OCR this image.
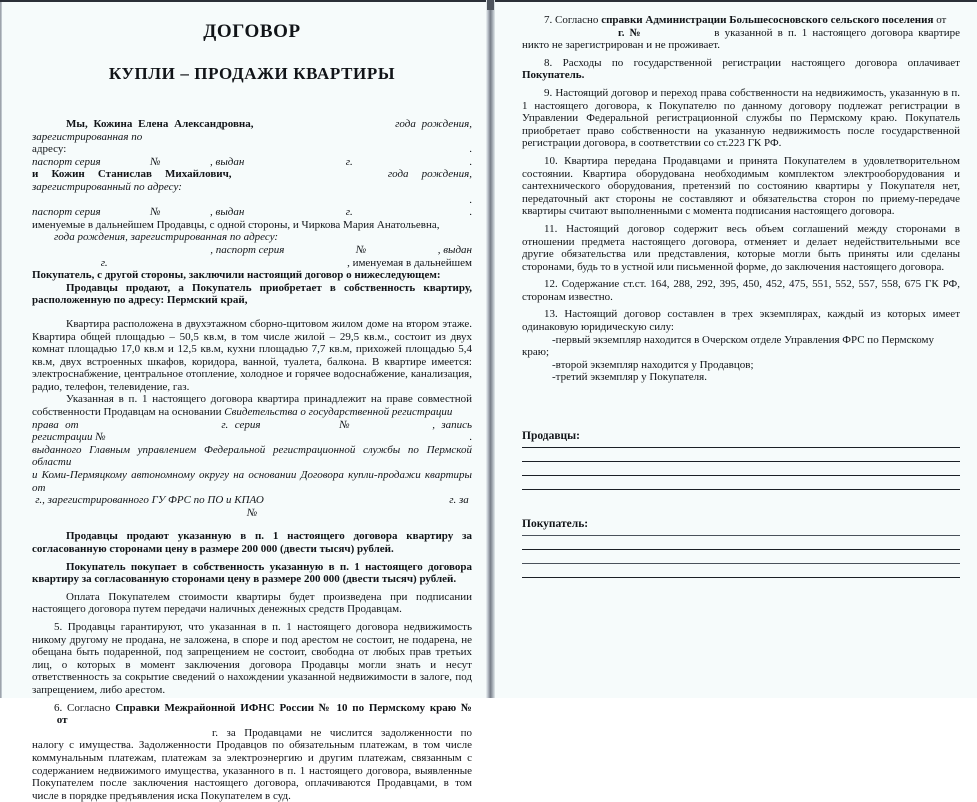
ДОГОВОР
КУПЛИ – ПРОДАЖИ КВАРТИРЫ

Мы, Кожина Елена Александровна,	года рождения, зарегистрированная по

адресу:	.

паспорт серия	№	, выдан	г.	.

и Кожин Станислав Михайлович,	года рождения, зарегистрированный по адресу:

.

паспорт серия	№	, выдан	г.	.

именуемые в дальнейшем Продавцы, с одной стороны, и Чиркова Мария Анатольевна,

года рождения, зарегистрированная по адресу:

, паспорт серия	№	, выдан

г.	, именуемая в дальнейшем

Покупатель, с другой стороны, заключили настоящий договор о нижеследующем:

Продавцы продают, а Покупатель приобретает в собственность квартиру, расположенную по адресу: Пермский край,

Квартира расположена в двухэтажном сборно-щитовом жилом доме на втором этаже. Квартира общей площадью – 50,5 кв.м, в том числе жилой – 29,5 кв.м., состоит из двух комнат площадью 17,0 кв.м и 12,5 кв.м, кухни площадью 7,7 кв.м, прихожей площадью 5,4 кв.м, двух встроенных шкафов, коридора, ванной, туалета, балкона. В квартире имеется: электроснабжение, центральное отопление, холодное и горячее водоснабжение, канализация, радио, телефон, телевидение, газ.

Указанная в п. 1 настоящего договора квартира принадлежит на праве совместной собственности Продавцам на основании Свидетельства о государственной регистрации

права от	г. серия	№	, запись регистрации №	.

выданного Главным управлением Федеральной регистрационной службы по Пермской области

и Коми-Пермяцкому автономному округу на основании Договора купли-продажи квартиры от

г., зарегистрированного ГУ ФРС по ПО и КПАО	г. за №

Продавцы продают указанную в п. 1 настоящего договора квартиру за согласованную сторонами цену в размере 200 000 (двести тысяч) рублей.

Покупатель покупает в собственность указанную в п. 1 настоящего договора квартиру за согласованную сторонами цену в размере 200 000 (двести тысяч) рублей.

Оплата Покупателем стоимости квартиры будет произведена при подписании настоящего договора путем передачи наличных денежных средств Продавцам.

5. Продавцы гарантируют, что указанная в п. 1 настоящего договора недвижимость никому другому не продана, не заложена, в споре и под арестом не состоит, не подарена, не обещана быть подаренной, под запрещением не состоит, свободна от любых прав третьих лиц, о которых в момент заключения договора Продавцы могли знать и несут ответственность за сокрытие сведений о нахождении указанной недвижимости в залоге, под запрещением, либо арестом.

6. Согласно Справки Межрайонной ИФНС России № 10 по Пермскому краю №  от

г. за Продавцами не числится задолженности по налогу с имущества. Задолженности Продавцов по обязательным платежам, в том числе коммунальным платежам, платежам за электроэнергию и другим платежам, связанным с содержанием недвижимого имущества, указанного в п. 1 настоящего договора, выявленные Покупателем после заключения настоящего договора, оплачиваются Продавцами, в том числе в порядке предъявления иска Покупателем в суд.

7. Согласно справки Администрации Большесосновского сельского поселения от

г. №	в указанной в п. 1 настоящего договора квартире никто не зарегистрирован и не проживает.

8. Расходы по государственной регистрации настоящего договора оплачивает Покупатель.

9. Настоящий договор и переход права собственности на недвижимость, указанную в п. 1 настоящего договора, к Покупателю по данному договору подлежат регистрации в Управлении Федеральной регистрационной службы по Пермскому краю. Покупатель приобретает право собственности на указанную недвижимость после государственной регистрации договора, в соответствии со ст.223 ГК РФ.

10. Квартира передана Продавцами и принята Покупателем в удовлетворительном состоянии. Квартира оборудована необходимым комплектом электрооборудования и сантехнического оборудования, претензий по состоянию квартиры у Покупателя нет, передаточный акт стороны не составляют и обязательства сторон по приему-передаче квартиры считают выполненными с момента подписания настоящего договора.

11. Настоящий договор содержит весь объем соглашений между сторонами в отношении предмета настоящего договора, отменяет и делает недействительными все другие обязательства или представления, которые могли быть приняты или сделаны сторонами, будь то в устной или письменной форме, до заключения настоящего договора.

12. Содержание ст.ст. 164, 288, 292, 395, 450, 452, 475, 551, 552, 557, 558, 675 ГК РФ, сторонам известно.

13. Настоящий договор составлен в трех экземплярах, каждый из которых имеет одинаковую юридическую силу:

-первый экземпляр находится в Очерском отделе Управления ФРС по Пермскому краю;

-второй экземпляр находится у Продавцов;

-третий экземпляр у Покупателя.

Продавцы:

Покупатель:
